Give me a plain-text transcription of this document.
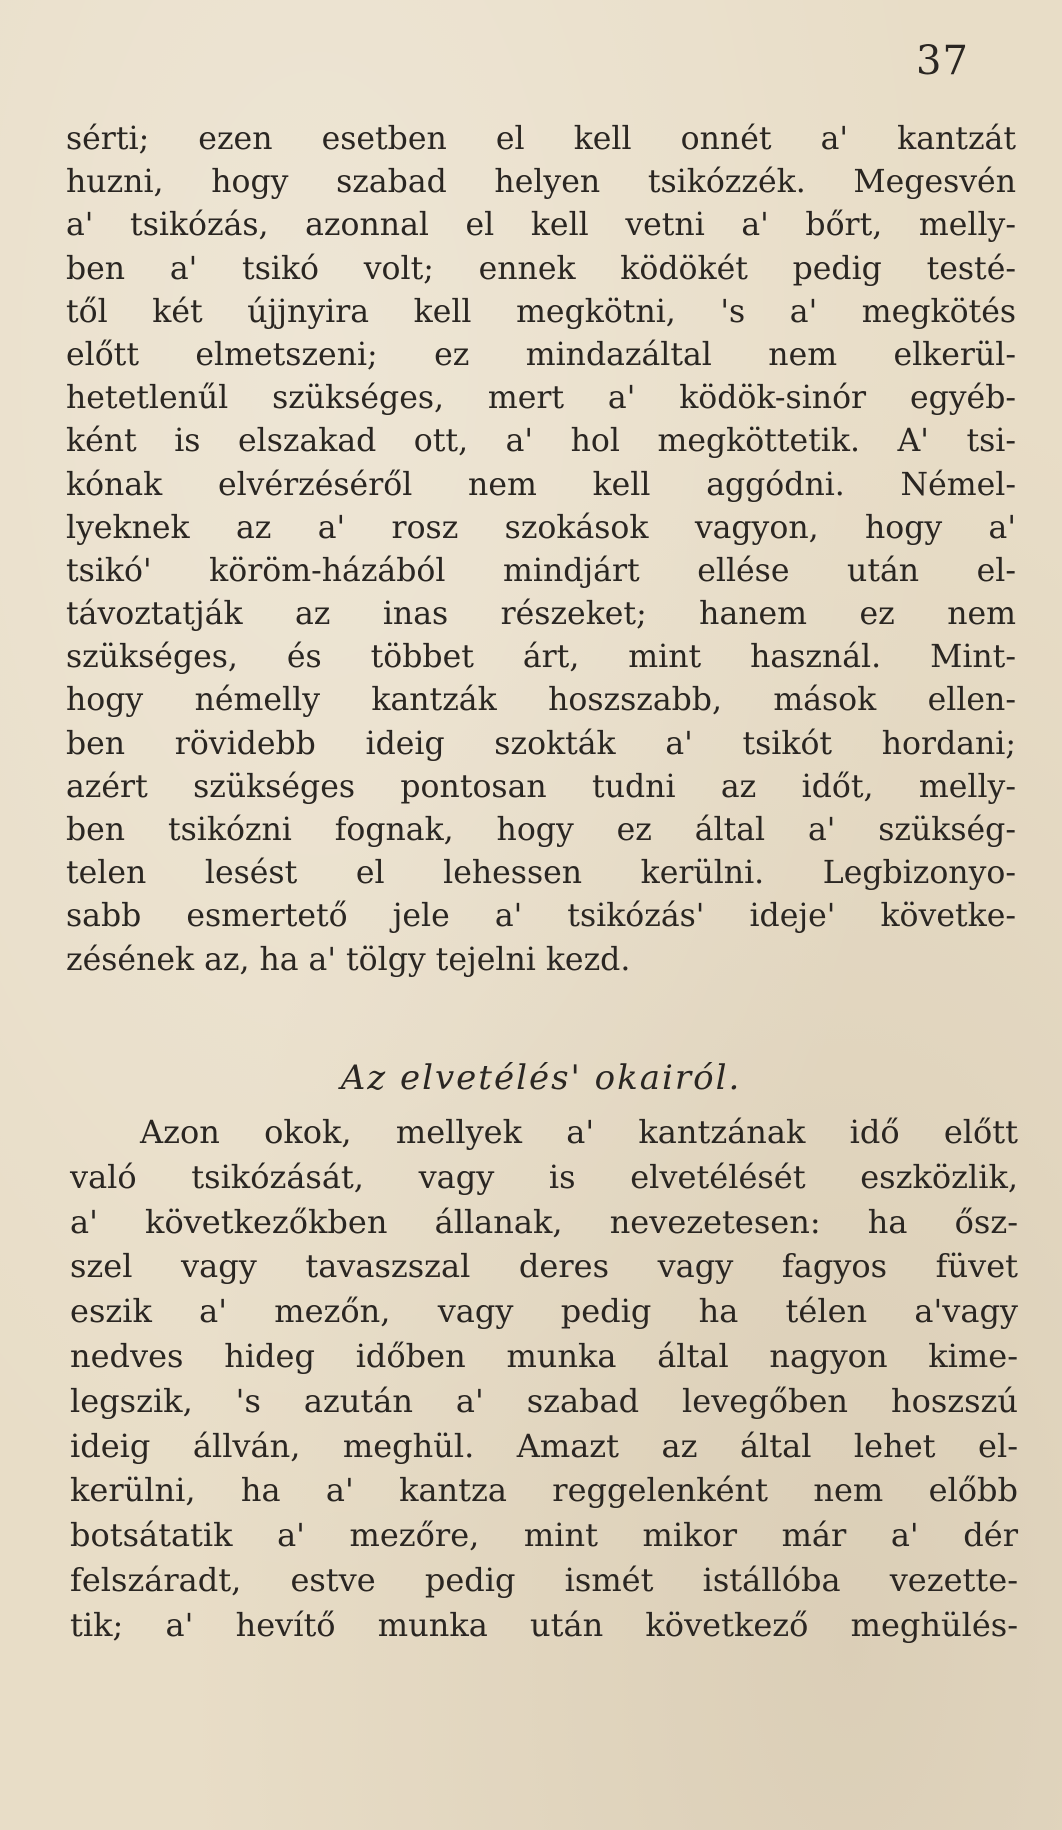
37
sérti; ezen esetben el kell onnét a' kantzát
huzni, hogy szabad helyen tsikózzék. Megesvén
a' tsikózás, azonnal el kell vetni a' bőrt, melly-
ben a' tsikó volt; ennek ködökét pedig testé-
től két újjnyira kell megkötni, 's a' megkötés
előtt elmetszeni; ez mindazáltal nem elkerül-
hetetlenűl szükséges, mert a' ködök-sinór egyéb-
ként is elszakad ott, a' hol megköttetik. A' tsi-
kónak elvérzéséről nem kell aggódni. Némel-
lyeknek az a' rosz szokások vagyon, hogy a'
tsikó' köröm-házából mindjárt ellése után el-
távoztatják az inas részeket; hanem ez nem
szükséges, és többet árt, mint használ. Mint-
hogy némelly kantzák hoszszabb, mások ellen-
ben rövidebb ideig szokták a' tsikót hordani;
azért szükséges pontosan tudni az időt, melly-
ben tsikózni fognak, hogy ez által a' szükség-
telen lesést el lehessen kerülni. Legbizonyo-
sabb esmertető jele a' tsikózás' ideje' követke-
zésének az, ha a' tölgy tejelni kezd.
Az elvetélés' okairól.
Azon okok, mellyek a' kantzának idő előtt
való tsikózását, vagy is elvetélését eszközlik,
a' következőkben állanak, nevezetesen: ha ősz-
szel vagy tavaszszal deres vagy fagyos füvet
eszik a' mezőn, vagy pedig ha télen a'vagy
nedves hideg időben munka által nagyon kime-
legszik, 's azután a' szabad levegőben hoszszú
ideig állván, meghül. Amazt az által lehet el-
kerülni, ha a' kantza reggelenként nem előbb
botsátatik a' mezőre, mint mikor már a' dér
felszáradt, estve pedig ismét istállóba vezette-
tik; a' hevítő munka után következő meghülés-
